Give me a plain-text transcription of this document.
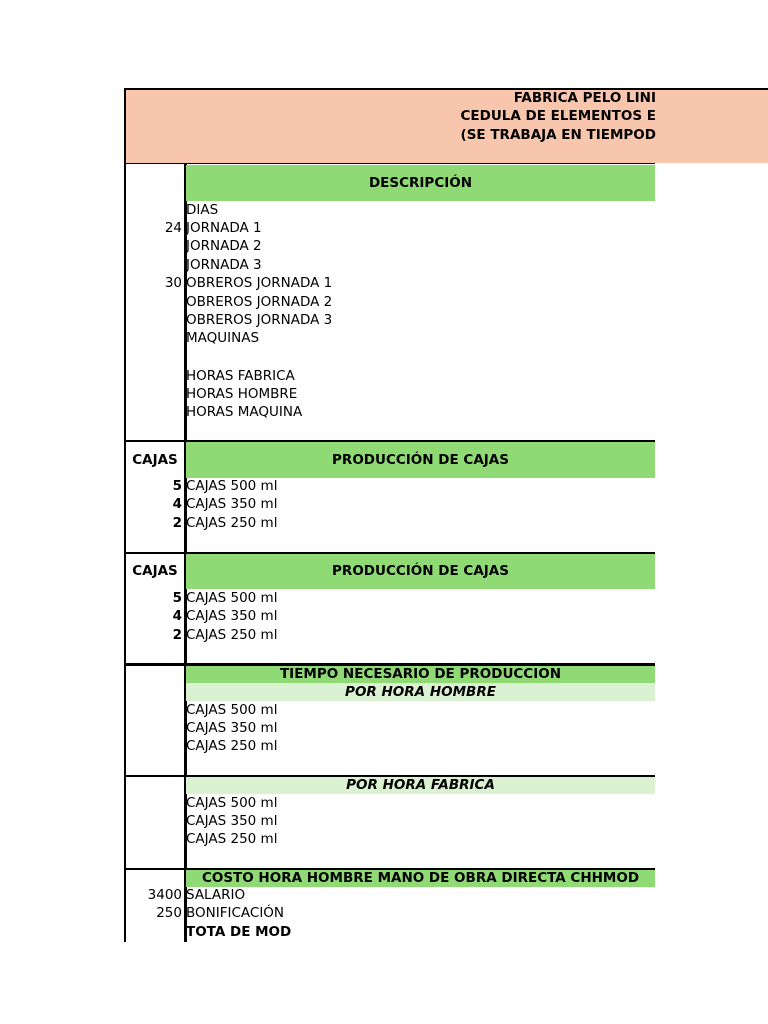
FABRICA PELO LINI
CEDULA DE ELEMENTOS E
(SE TRABAJA EN TIEMPOD
DESCRIPCIÓN
DIAS
JORNADA 1
24
JORNADA 2
JORNADA 3
OBREROS JORNADA 1
30
OBREROS JORNADA 2
OBREROS JORNADA 3
MAQUINAS
HORAS FABRICA
HORAS HOMBRE
HORAS MAQUINA
CAJAS	PRODUCCIÓN DE CAJAS
CAJAS 500 ml
5
CAJAS 350 ml
4
CAJAS 250 ml
2
CAJAS	PRODUCCIÓN DE CAJAS
CAJAS 500 ml
5
CAJAS 350 ml
4
CAJAS 250 ml
2
TIEMPO NECESARIO DE PRODUCCION
POR HORA HOMBRE
CAJAS 500 ml
CAJAS 350 ml
CAJAS 250 ml
POR HORA FABRICA
CAJAS 500 ml
CAJAS 350 ml
CAJAS 250 ml
COSTO HORA HOMBRE MANO DE OBRA DIRECTA CHHMOD
SALARIO
3400
BONIFICACIÓN
250
TOTA DE MOD
